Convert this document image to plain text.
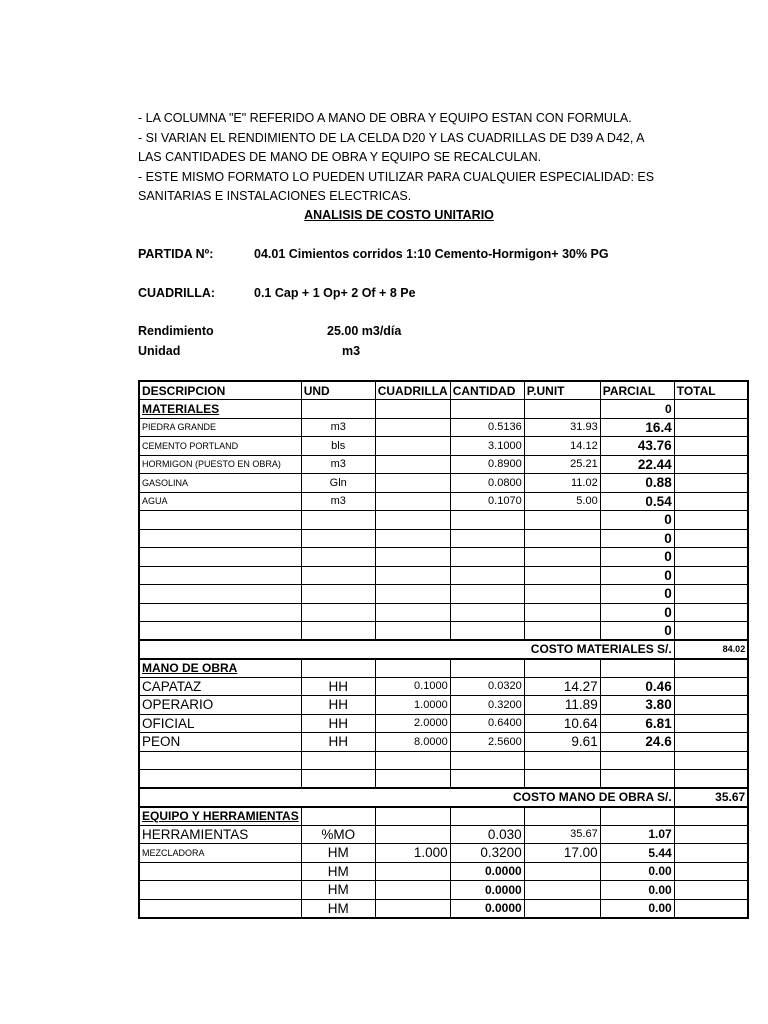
- LA COLUMNA "E" REFERIDO A MANO DE OBRA Y EQUIPO ESTAN CON FORMULA.
- SI VARIAN EL RENDIMIENTO DE LA CELDA D20 Y LAS CUADRILLAS DE D39 A D42, A
LAS CANTIDADES DE MANO DE OBRA Y EQUIPO SE RECALCULAN.
- ESTE MISMO FORMATO LO PUEDEN UTILIZAR PARA CUALQUIER ESPECIALIDAD: ES
SANITARIAS E INSTALACIONES ELECTRICAS.
ANALISIS DE COSTO UNITARIO
PARTIDA Nº:	04.01 Cimientos corridos 1:10 Cemento-Hormigon+ 30% PG
CUADRILLA:	0.1 Cap + 1 Op+ 2 Of + 8 Pe
Rendimiento	25.00 m3/día
Unidad	m3
DESCRIPCION	UND	CUADRILLA	CANTIDAD	P.UNIT	PARCIAL	TOTAL
MATERIALES					0	
PIEDRA GRANDE	m3		0.5136	31.93	16.4	
CEMENTO PORTLAND	bls		3.1000	14.12	43.76	
HORMIGON (PUESTO EN OBRA)	m3		0.8900	25.21	22.44	
GASOLINA	Gln		0.0800	11.02	0.88	
AGUA	m3		0.1070	5.00	0.54	
					0	
					0	
					0	
					0	
					0	
					0	
					0	
COSTO MATERIALES S/.						84.02
MANO DE OBRA						
CAPATAZ	HH	0.1000	0.0320	14.27	0.46	
OPERARIO	HH	1.0000	0.3200	11.89	3.80	
OFICIAL	HH	2.0000	0.6400	10.64	6.81	
PEON	HH	8.0000	2.5600	9.61	24.6	

COSTO MANO DE OBRA S/.						35.67
EQUIPO Y HERRAMIENTAS						
HERRAMIENTAS	%MO		0.030	35.67	1.07	
MEZCLADORA	HM	1.000	0.3200	17.00	5.44	
	HM		0.0000		0.00	
	HM		0.0000		0.00	
	HM		0.0000		0.00	
